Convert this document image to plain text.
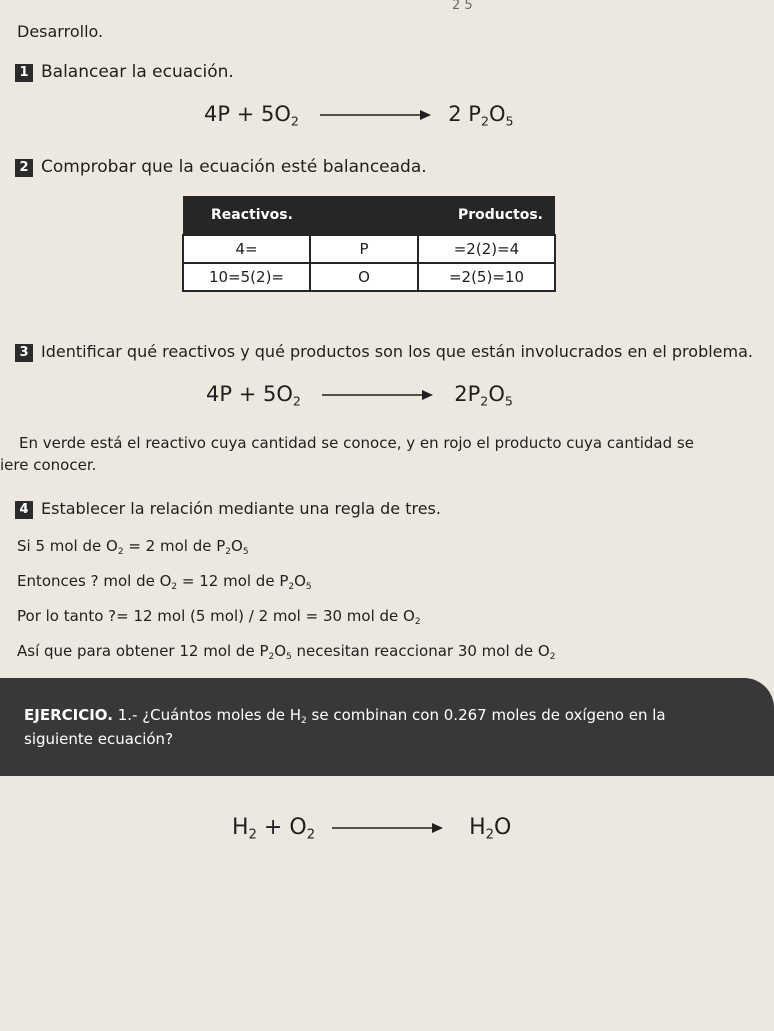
2 5
Desarrollo.
1 Balancear la ecuación.
$4P + 5O_2$	2 $P_2O_5$
2 Comprobar que la ecuación esté balanceada.
Reactivos.		Productos.
4=	P	=2(2)=4
10=5(2)=	O	=2(5)=10
3 Identificar qué reactivos y qué productos son los que están involucrados en el problema.
$4P + 5O_2$	$2P_2O_5$
En verde está el reactivo cuya cantidad se conoce, y en rojo el producto cuya cantidad se
iere conocer.
4 Establecer la relación mediante una regla de tres.
Si 5 mol de $O_2 = 2$ mol de $P_2O_5$
Entonces ? mol de $O_2 = 12$ mol de $P_2O_5$
Por lo tanto ?= 12 mol (5 mol) / 2 mol = 30 mol de $O_2$
Así que para obtener 12 mol de $P_2O_5$ necesitan reaccionar 30 mol de $O_2$
EJERCICIO. 1.- ¿Cuántos moles de $H_2$ se combinan con 0.267 moles de oxígeno en la
siguiente ecuación?
$H_2 + O_2$	$H_2O$
